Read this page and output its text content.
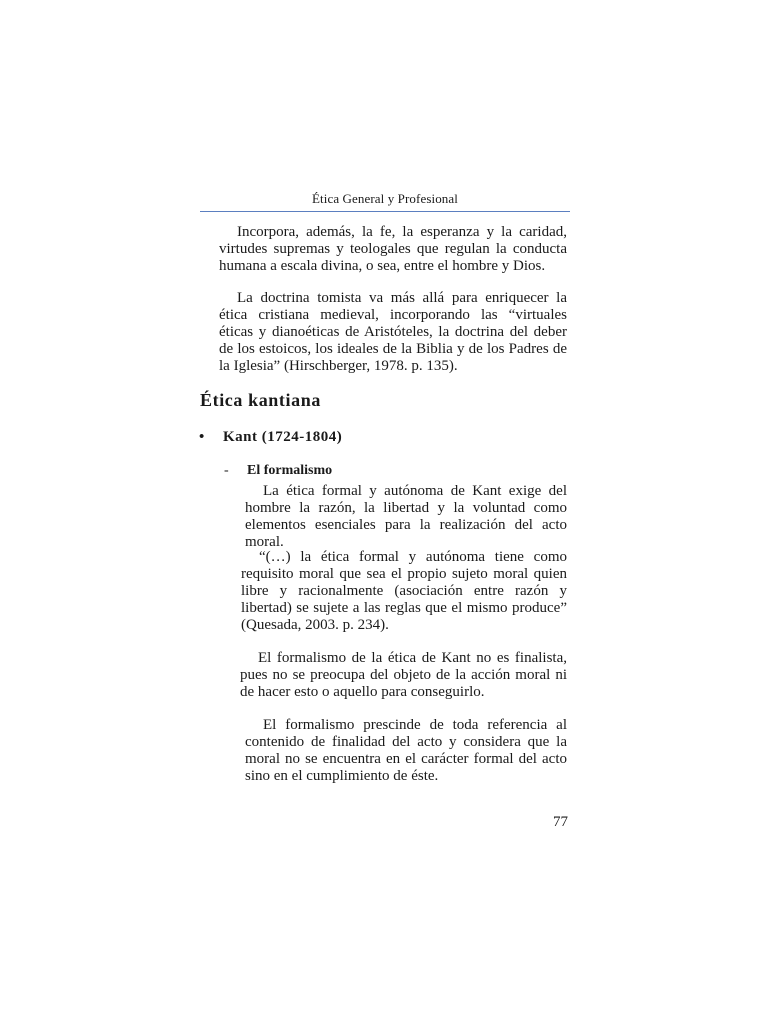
Ética General y Profesional
Incorpora, además, la fe, la esperanza y la caridad, virtudes supremas y teologales que regulan la conducta humana a escala divina, o sea, entre el hombre y Dios.
La doctrina tomista va más allá para enriquecer la ética cristiana medieval, incorporando las “virtuales éticas y dianoéticas de Aristóteles, la doctrina del deber de los estoicos, los ideales de la Biblia y de los Padres de la Iglesia” (Hirschberger, 1978. p. 135).
Ética kantiana
•	Kant (1724-1804)
-	El formalismo
La ética formal y autónoma de Kant exige del hombre la razón, la libertad y la voluntad como elementos esenciales para la realización del acto moral.
“(…) la ética formal y autónoma tiene como requisito moral que sea el propio sujeto moral quien libre y racionalmente (asociación entre razón y libertad) se sujete a las reglas que el mismo produce” (Quesada, 2003. p. 234).
El formalismo de la ética de Kant no es finalista, pues no se preocupa del objeto de la acción moral ni de hacer esto o aquello para conseguirlo.
El formalismo prescinde de toda referencia al contenido de finalidad del acto y considera que la moral no se encuentra en el carácter formal del acto sino en el cumplimiento de éste.
77
